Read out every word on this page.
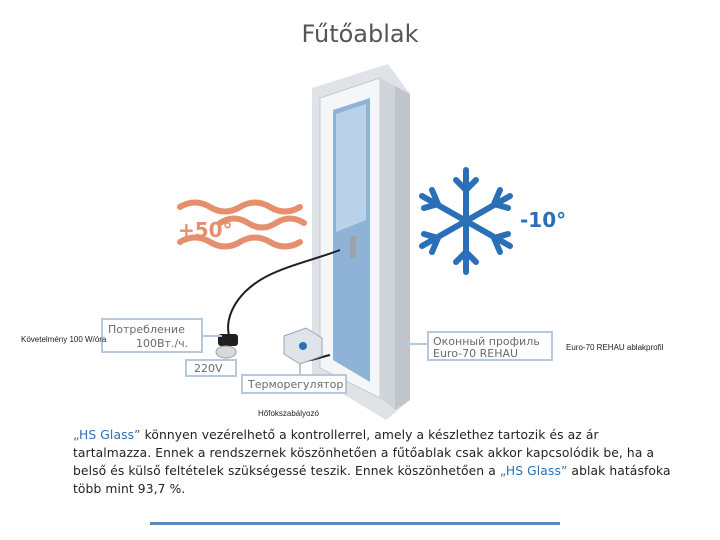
Fűtőablak
+50°	-10°
Потребление
100Вт./ч.
220V
Терморегулятор
Оконный профиль
Euro-70 REHAU
Követelmény 100 W/óra
Euro-70 REHAU ablakprofil
Hőfokszabályozó
„HS Glass” könnyen vezérelhető a kontrollerrel, amely a készlethez tartozik és az ár tartalmazza. Ennek a rendszernek köszönhetően a fűtőablak csak akkor kapcsolódik be, ha a belső és külső feltételek szükségessé teszik. Ennek köszönhetően a „HS Glass” ablak hatásfoka több mint 93,7 %.
